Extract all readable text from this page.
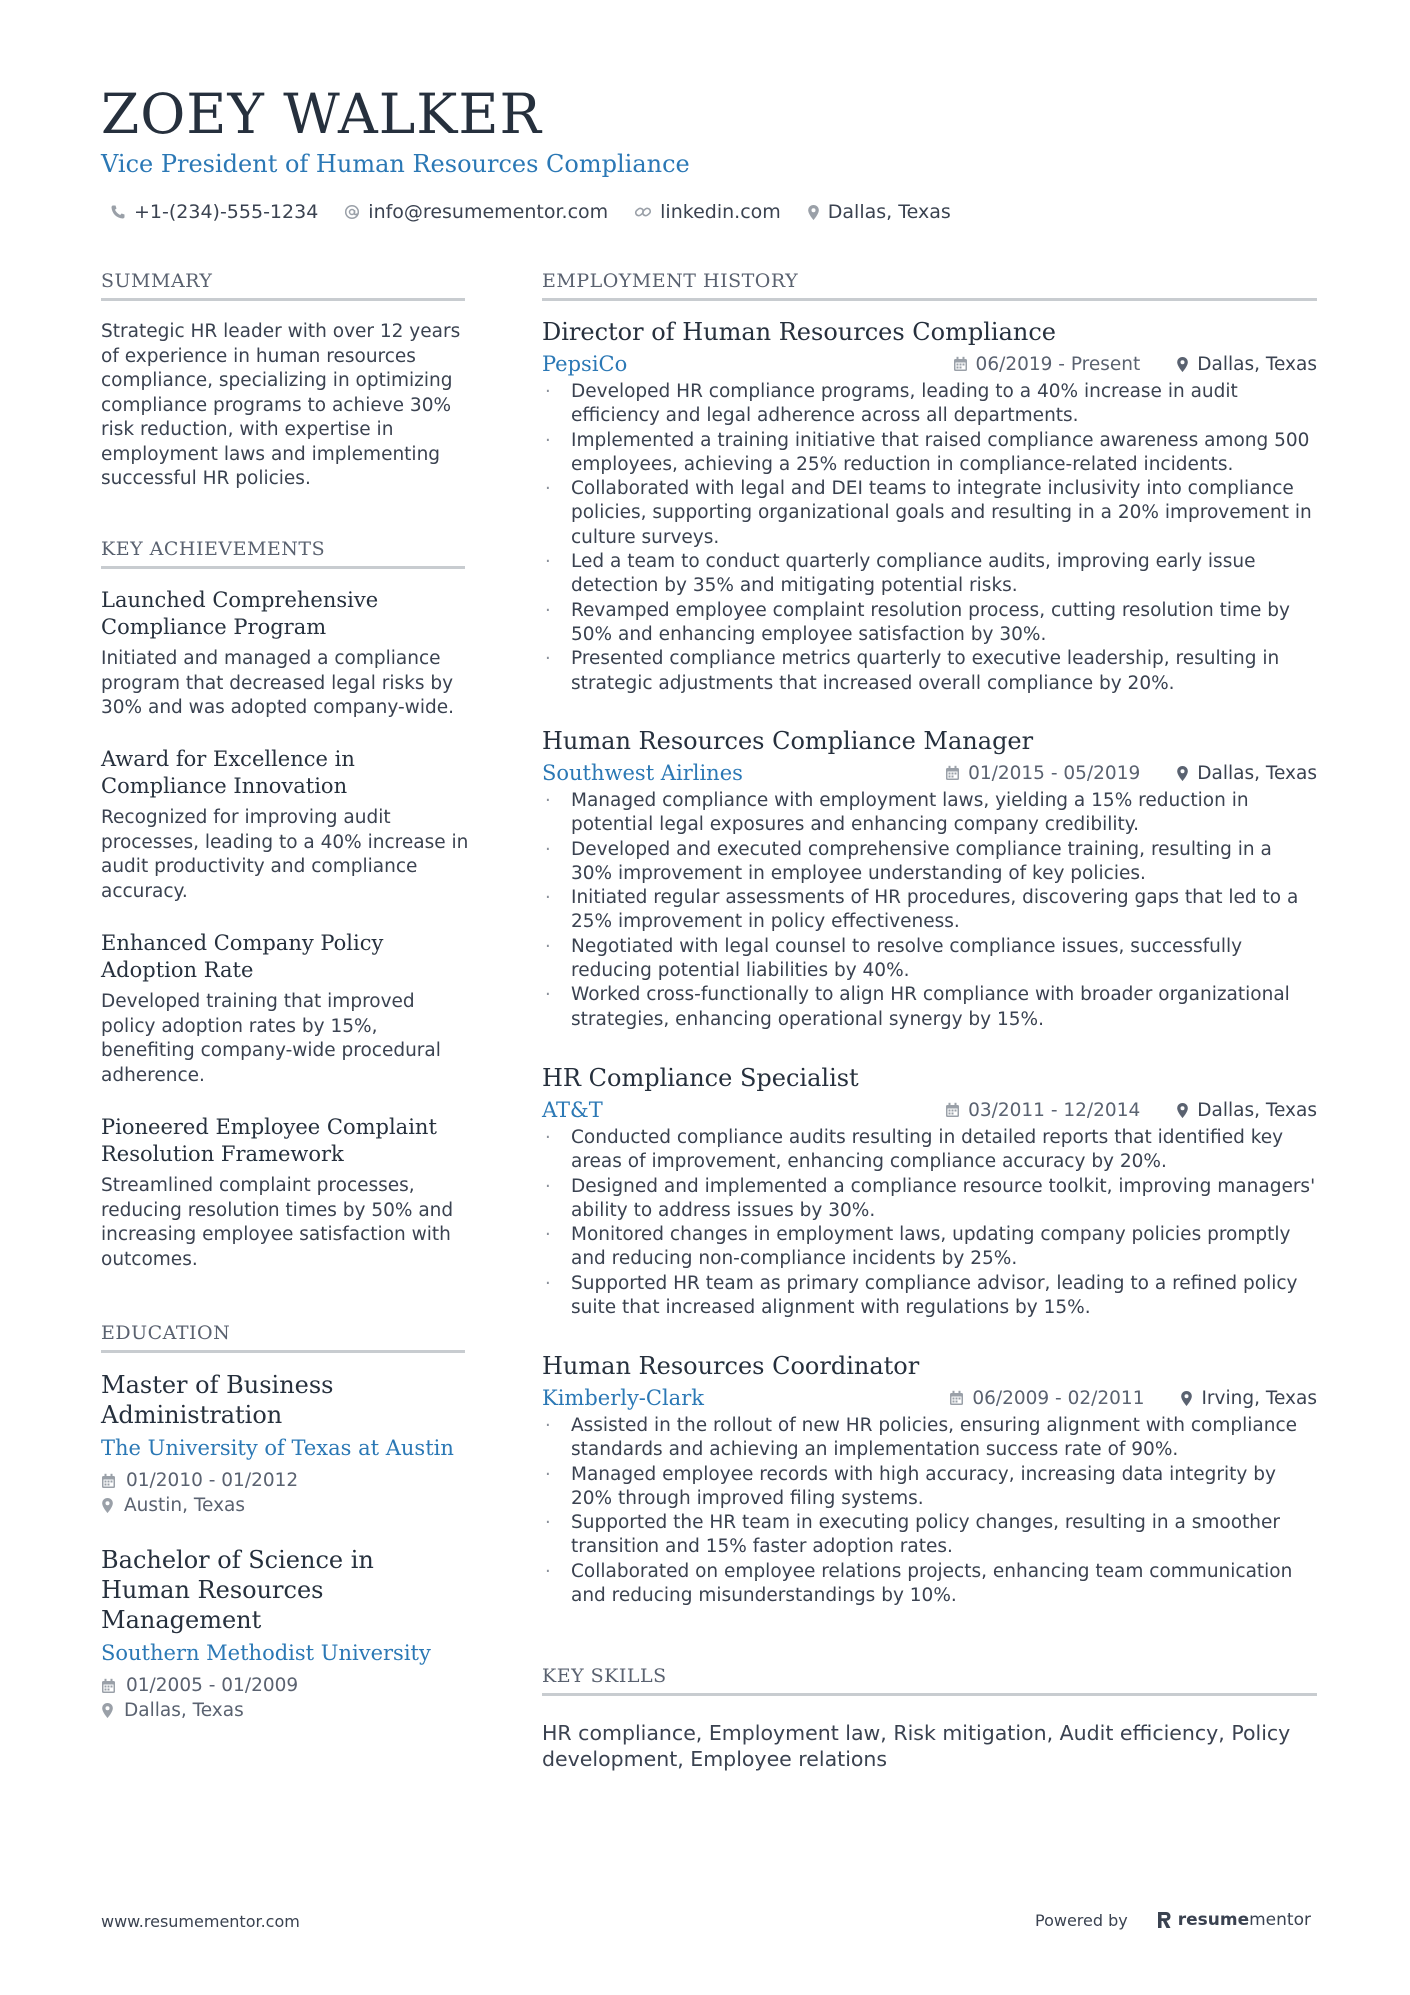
ZOEY WALKER
Vice President of Human Resources Compliance
+1-(234)-555-1234	info@resumementor.com	linkedin.com Dallas, Texas
SUMMARY
Strategic HR leader with over 12 years of experience in human resources compliance, specializing in optimizing compliance programs to achieve 30% risk reduction, with expertise in employment laws and implementing successful HR policies.
KEY ACHIEVEMENTS
Launched Comprehensive Compliance Program
Initiated and managed a compliance program that decreased legal risks by 30% and was adopted company-wide.
Award for Excellence in Compliance Innovation
Recognized for improving audit processes, leading to a 40% increase in audit productivity and compliance accuracy.
Enhanced Company Policy Adoption Rate
Developed training that improved policy adoption rates by 15%, benefiting company-wide procedural adherence.
Pioneered Employee Complaint Resolution Framework
Streamlined complaint processes, reducing resolution times by 50% and increasing employee satisfaction with outcomes.
EDUCATION
Master of Business Administration
The University of Texas at Austin
01/2010 - 01/2012
Austin, Texas
Bachelor of Science in Human Resources Management
Southern Methodist University
01/2005 - 01/2009
Dallas, Texas
EMPLOYMENT HISTORY
Director of Human Resources Compliance
PepsiCo	06/2019 - Present	Dallas, Texas
· Developed HR compliance programs, leading to a 40% increase in audit efficiency and legal adherence across all departments.
· Implemented a training initiative that raised compliance awareness among 500 employees, achieving a 25% reduction in compliance-related incidents.
· Collaborated with legal and DEI teams to integrate inclusivity into compliance policies, supporting organizational goals and resulting in a 20% improvement in culture surveys.
· Led a team to conduct quarterly compliance audits, improving early issue detection by 35% and mitigating potential risks.
· Revamped employee complaint resolution process, cutting resolution time by 50% and enhancing employee satisfaction by 30%.
· Presented compliance metrics quarterly to executive leadership, resulting in strategic adjustments that increased overall compliance by 20%.
Human Resources Compliance Manager
Southwest Airlines	01/2015 - 05/2019	Dallas, Texas
· Managed compliance with employment laws, yielding a 15% reduction in potential legal exposures and enhancing company credibility.
· Developed and executed comprehensive compliance training, resulting in a 30% improvement in employee understanding of key policies.
· Initiated regular assessments of HR procedures, discovering gaps that led to a 25% improvement in policy effectiveness.
· Negotiated with legal counsel to resolve compliance issues, successfully reducing potential liabilities by 40%.
· Worked cross-functionally to align HR compliance with broader organizational strategies, enhancing operational synergy by 15%.
HR Compliance Specialist
AT&T	03/2011 - 12/2014	Dallas, Texas
· Conducted compliance audits resulting in detailed reports that identified key areas of improvement, enhancing compliance accuracy by 20%.
· Designed and implemented a compliance resource toolkit, improving managers' ability to address issues by 30%.
· Monitored changes in employment laws, updating company policies promptly and reducing non-compliance incidents by 25%.
· Supported HR team as primary compliance advisor, leading to a refined policy suite that increased alignment with regulations by 15%.
Human Resources Coordinator
Kimberly-Clark	06/2009 - 02/2011	Irving, Texas
· Assisted in the rollout of new HR policies, ensuring alignment with compliance standards and achieving an implementation success rate of 90%.
· Managed employee records with high accuracy, increasing data integrity by 20% through improved filing systems.
· Supported the HR team in executing policy changes, resulting in a smoother transition and 15% faster adoption rates.
· Collaborated on employee relations projects, enhancing team communication and reducing misunderstandings by 10%.
KEY SKILLS
HR compliance, Employment law, Risk mitigation, Audit efficiency, Policy development, Employee relations
www.resumementor.com	Powered by	resume mentor
